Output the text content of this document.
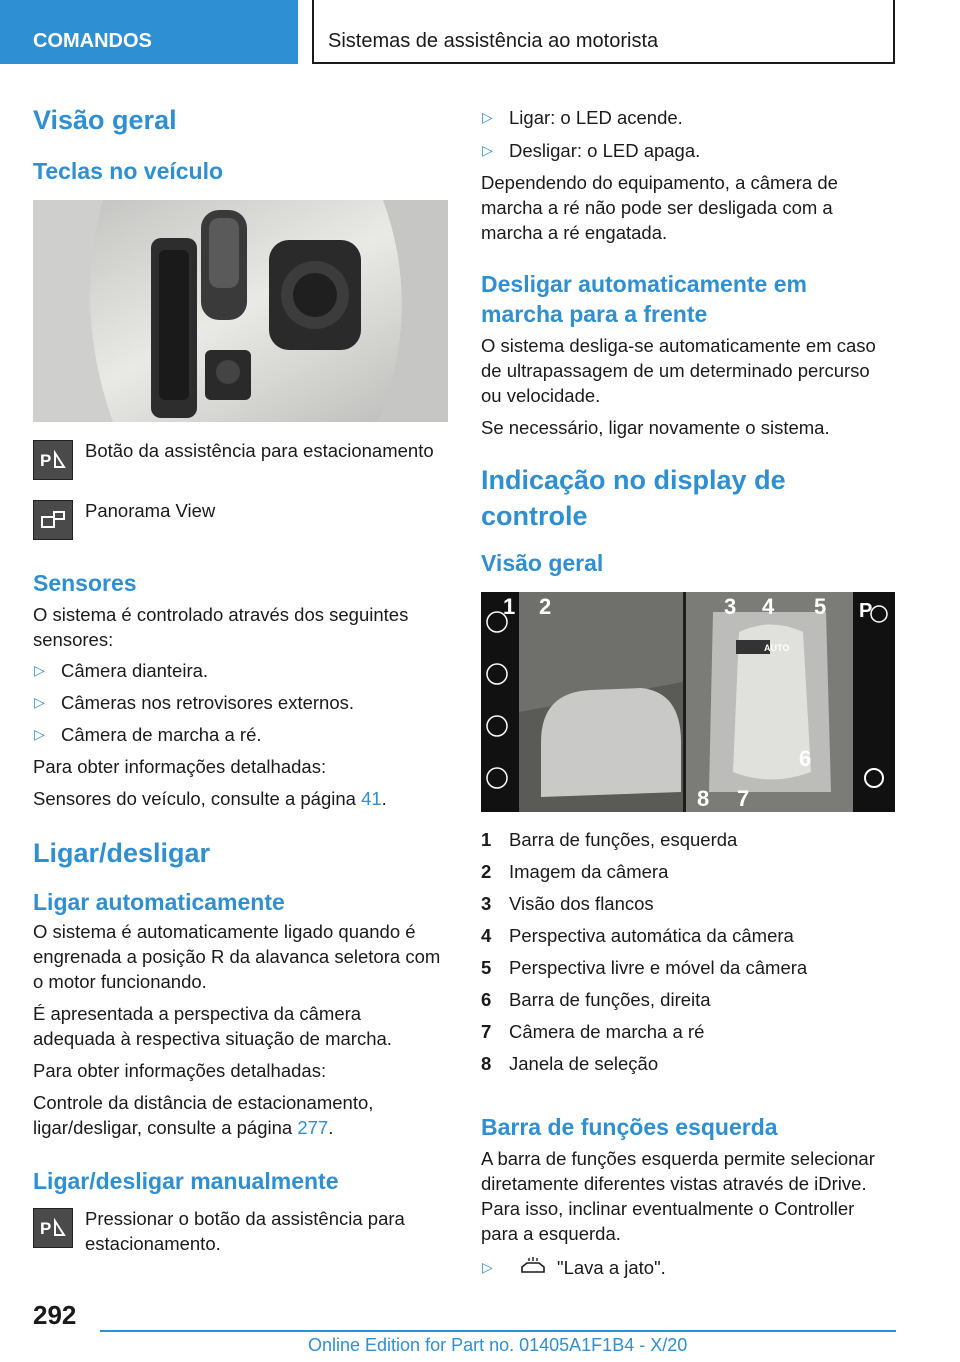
COMANDOS	Sistemas de assistência ao motorista
Visão geral
Teclas no veículo
P Botão da assistência para estacionamento

Panorama View

Sensores

O sistema é controlado através dos seguintes sensores:

▷ Câmera dianteira.
▷ Câmeras nos retrovisores externos.
▷ Câmera de marcha a ré.

Para obter informações detalhadas:

Sensores do veículo, consulte a página 41.

Ligar/desligar
Ligar automaticamente

O sistema é automaticamente ligado quando é engrenada a posição R da alavanca seletora com o motor funcionando.

É apresentada a perspectiva da câmera adequada à respectiva situação de marcha.

Para obter informações detalhadas:

Controle da distância de estacionamento, ligar/desligar, consulte a página 277.

Ligar/desligar manualmente
P Pressionar o botão da assistência para estacionamento.

▷ Ligar: o LED acende.
▷ Desligar: o LED apaga.

Dependendo do equipamento, a câmera de marcha a ré não pode ser desligada com a marcha a ré engatada.

Desligar automaticamente em marcha para a frente

O sistema desliga-se automaticamente em caso de ultrapassagem de um determinado percurso ou velocidade.

Se necessário, ligar novamente o sistema.

Indicação no display de controle
Visão geral
AUTO
P
1 2	3 4 5
6
7
8
1 Barra de funções, esquerda
2 Imagem da câmera
3 Visão dos flancos
4 Perspectiva automática da câmera
5 Perspectiva livre e móvel da câmera
6 Barra de funções, direita
7 Câmera de marcha a ré
8 Janela de seleção
Barra de funções esquerda

A barra de funções esquerda permite selecionar diretamente diferentes vistas através de iDrive. Para isso, inclinar eventualmente o Controller para a esquerda.

▷	"Lava a jato".
292
Online Edition for Part no. 01405A1F1B4 - X/20
